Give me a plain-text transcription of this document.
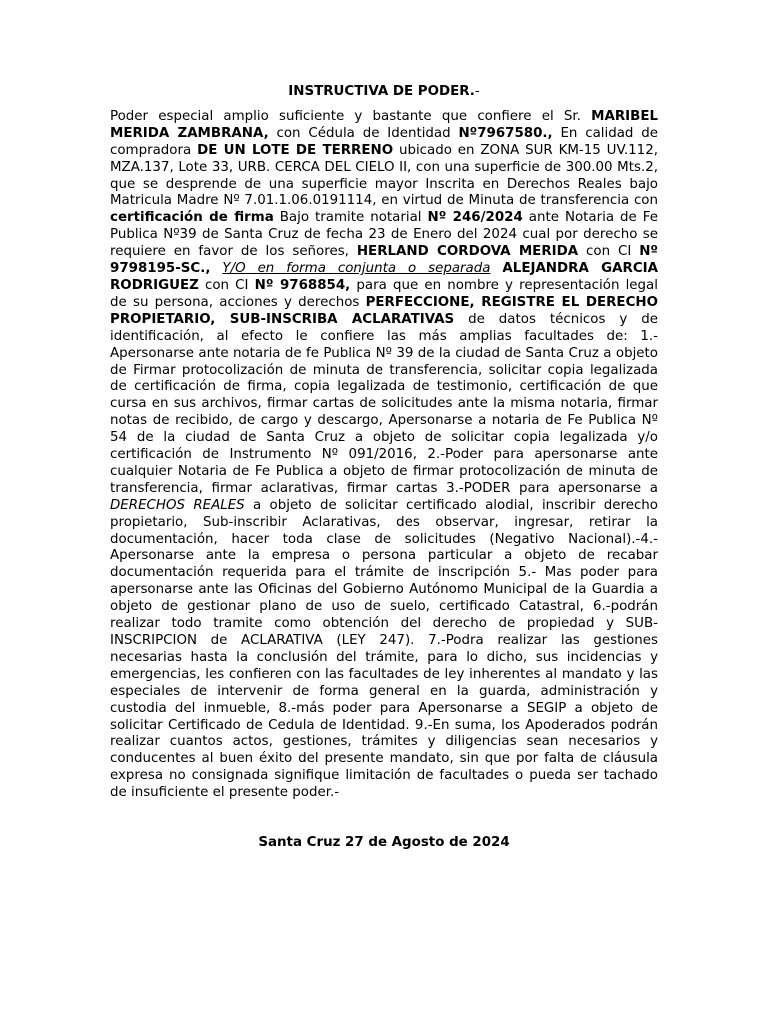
INSTRUCTIVA DE PODER.-

Poder especial amplio suficiente y bastante que confiere el Sr. MARIBEL MERIDA ZAMBRANA, con Cédula de Identidad Nº7967580., En calidad de compradora DE UN LOTE DE TERRENO ubicado en ZONA SUR KM-15 UV.112, MZA.137, Lote 33, URB. CERCA DEL CIELO II, con una superficie de 300.00 Mts.2, que se desprende de una superficie mayor Inscrita en Derechos Reales bajo Matricula Madre Nº 7.01.1.06.0191114, en virtud de Minuta de transferencia con certificación de firma Bajo tramite notarial Nº 246/2024 ante Notaria de Fe Publica Nº39 de Santa Cruz de fecha 23 de Enero del 2024 cual por derecho se requiere en favor de los señores, HERLAND CORDOVA MERIDA con CI Nº 9798195-SC., Y/O en forma conjunta o separada ALEJANDRA GARCIA RODRIGUEZ con CI Nº 9768854, para que en nombre y representación legal de su persona, acciones y derechos PERFECCIONE, REGISTRE EL DERECHO PROPIETARIO, SUB-INSCRIBA ACLARATIVAS de datos técnicos y de identificación, al efecto le confiere las más amplias facultades de: 1.-Apersonarse ante notaria de fe Publica Nº 39 de la ciudad de Santa Cruz a objeto de Firmar protocolización de minuta de transferencia, solicitar copia legalizada de certificación de firma, copia legalizada de testimonio, certificación de que cursa en sus archivos, firmar cartas de solicitudes ante la misma notaria, firmar notas de recibido, de cargo y descargo, Apersonarse a notaria de Fe Publica Nº 54 de la ciudad de Santa Cruz a objeto de solicitar copia legalizada y/o certificación de Instrumento Nº 091/2016, 2.-Poder para apersonarse ante cualquier Notaria de Fe Publica a objeto de firmar protocolización de minuta de transferencia, firmar aclarativas, firmar cartas 3.-PODER para apersonarse a DERECHOS REALES a objeto de solicitar certificado alodial, inscribir derecho propietario, Sub-inscribir Aclarativas, des observar, ingresar, retirar la documentación, hacer toda clase de solicitudes (Negativo Nacional).-4.-Apersonarse ante la empresa o persona particular a objeto de recabar documentación requerida para el trámite de inscripción 5.- Mas poder para apersonarse ante las Oficinas del Gobierno Autónomo Municipal de la Guardia a objeto de gestionar plano de uso de suelo, certificado Catastral, 6.-podrán realizar todo tramite como obtención del derecho de propiedad y SUB-INSCRIPCION de ACLARATIVA (LEY 247). 7.-Podra realizar las gestiones necesarias hasta la conclusión del trámite, para lo dicho, sus incidencias y emergencias, les confieren con las facultades de ley inherentes al mandato y las especiales de intervenir de forma general en la guarda, administración y custodia del inmueble, 8.-más poder para Apersonarse a SEGIP a objeto de solicitar Certificado de Cedula de Identidad. 9.-En suma, los Apoderados podrán realizar cuantos actos, gestiones, trámites y diligencias sean necesarios y conducentes al buen éxito del presente mandato, sin que por falta de cláusula expresa no consignada signifique limitación de facultades o pueda ser tachado de insuficiente el presente poder.-

Santa Cruz 27 de Agosto de 2024
